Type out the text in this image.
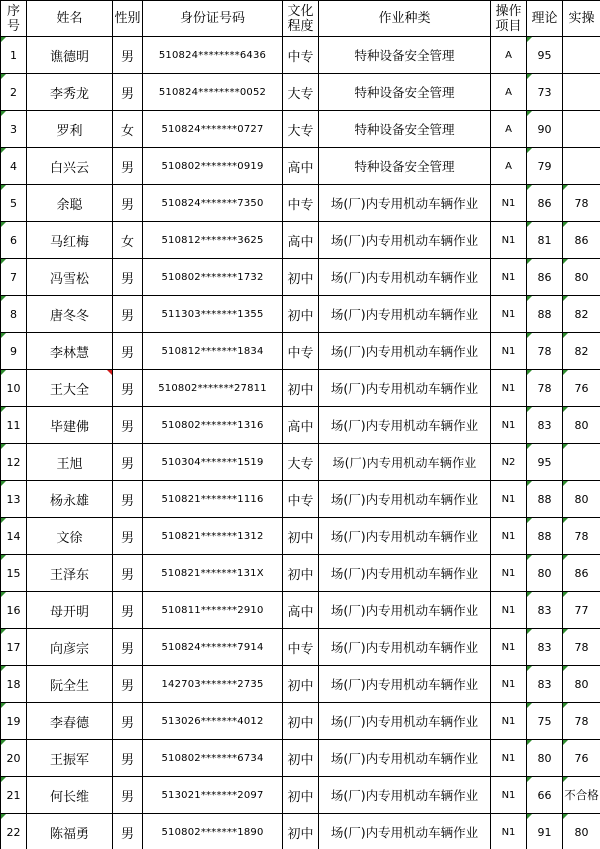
序号	姓名	性别	身份证号码	文化程度	作业种类	操作项目	理论	实操
1	谯德明	男	510824********6436	中专	特种设备安全管理	A	95	
2	李秀龙	男	510824********0052	大专	特种设备安全管理	A	73	
3	罗利	女	510824*******0727	大专	特种设备安全管理	A	90	
4	白兴云	男	510802*******0919	高中	特种设备安全管理	A	79	
5	余聪	男	510824*******7350	中专	场(厂)内专用机动车辆作业	N1	86	78
6	马红梅	女	510812*******3625	高中	场(厂)内专用机动车辆作业	N1	81	86
7	冯雪松	男	510802*******1732	初中	场(厂)内专用机动车辆作业	N1	86	80
8	唐冬冬	男	511303*******1355	初中	场(厂)内专用机动车辆作业	N1	88	82
9	李林慧	男	510812*******1834	中专	场(厂)内专用机动车辆作业	N1	78	82
10	王大全	男	510802*******27811	初中	场(厂)内专用机动车辆作业	N1	78	76
11	毕建佛	男	510802*******1316	高中	场(厂)内专用机动车辆作业	N1	83	80
12	王旭	男	510304*******1519	大专	场(厂)内专用机动车辆作业	N2	95	
13	杨永雄	男	510821*******1116	中专	场(厂)内专用机动车辆作业	N1	88	80
14	文徐	男	510821*******1312	初中	场(厂)内专用机动车辆作业	N1	88	78
15	王泽东	男	510821*******131X	初中	场(厂)内专用机动车辆作业	N1	80	86
16	母开明	男	510811*******2910	高中	场(厂)内专用机动车辆作业	N1	83	77
17	向彦宗	男	510824*******7914	中专	场(厂)内专用机动车辆作业	N1	83	78
18	阮全生	男	142703*******2735	初中	场(厂)内专用机动车辆作业	N1	83	80
19	李春德	男	513026*******4012	初中	场(厂)内专用机动车辆作业	N1	75	78
20	王振军	男	510802*******6734	初中	场(厂)内专用机动车辆作业	N1	80	76
21	何长维	男	513021*******2097	初中	场(厂)内专用机动车辆作业	N1	66	不合格
22	陈福勇	男	510802*******1890	初中	场(厂)内专用机动车辆作业	N1	91	80
